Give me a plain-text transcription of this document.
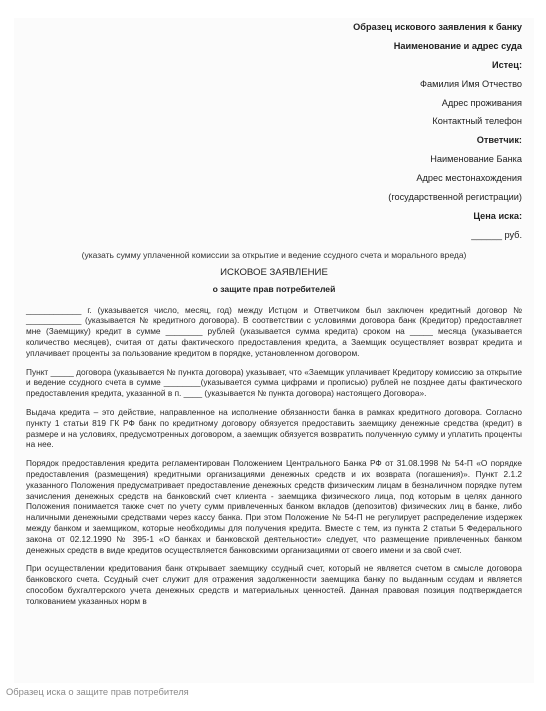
Образец искового заявления к банку
Наименование и адрес суда
Истец:
Фамилия Имя Отчество
Адрес проживания
Контактный телефон
Ответчик:
Наименование Банка
Адрес местонахождения
(государственной регистрации)
Цена иска:
______ руб.
(указать сумму уплаченной комиссии за открытие и ведение ссудного счета и морального вреда)
ИСКОВОЕ ЗАЯВЛЕНИЕ
о защите прав потребителей

____________ г. (указывается число, месяц, год) между Истцом и Ответчиком был заключен кредитный договор № ____________ (указывается № кредитного договора). В соответствии с условиями договора банк (Кредитор) предоставляет мне (Заемщику) кредит в сумме ________ рублей (указывается сумма кредита) сроком на _____ месяца (указывается количество месяцев), считая от даты фактического предоставления кредита, а Заемщик осуществляет возврат кредита и уплачивает проценты за пользование кредитом в порядке, установленном договором.

Пункт _____ договора (указывается № пункта договора) указывает, что «Заемщик уплачивает Кредитору комиссию за открытие и ведение ссудного счета в сумме ________(указывается сумма цифрами и прописью) рублей не позднее даты фактического предоставления кредита, указанной в п. ____ (указывается № пункта договора) настоящего Договора».

Выдача кредита – это действие, направленное на исполнение обязанности банка в рамках кредитного договора. Согласно пункту 1 статьи 819 ГК РФ банк по кредитному договору обязуется предоставить заемщику денежные средства (кредит) в размере и на условиях, предусмотренных договором, а заемщик обязуется возвратить полученную сумму и уплатить проценты на нее.

Порядок предоставления кредита регламентирован Положением Центрального Банка РФ от 31.08.1998 № 54-П «О порядке предоставления (размещения) кредитными организациями денежных средств и их возврата (погашения)». Пункт 2.1.2 указанного Положения предусматривает предоставление денежных средств физическим лицам в безналичном порядке путем зачисления денежных средств на банковский счет клиента - заемщика физического лица, под которым в целях данного Положения понимается также счет по учету сумм привлеченных банком вкладов (депозитов) физических лиц в банке, либо наличными денежными средствами через кассу банка. При этом Положение № 54-П не регулирует распределение издержек между банком и заемщиком, которые необходимы для получения кредита. Вместе с тем, из пункта 2 статьи 5 Федерального закона от 02.12.1990 № 395-1 «О банках и банковской деятельности» следует, что размещение привлеченных банком денежных средств в виде кредитов осуществляется банковскими организациями от своего имени и за свой счет.

При осуществлении кредитования банк открывает заемщику ссудный счет, который не является счетом в смысле договора банковского счета. Ссудный счет служит для отражения задолженности заемщика банку по выданным ссудам и является способом бухгалтерского учета денежных средств и материальных ценностей. Данная правовая позиция подтверждается толкованием указанных норм в

Образец иска о защите прав потребителя
